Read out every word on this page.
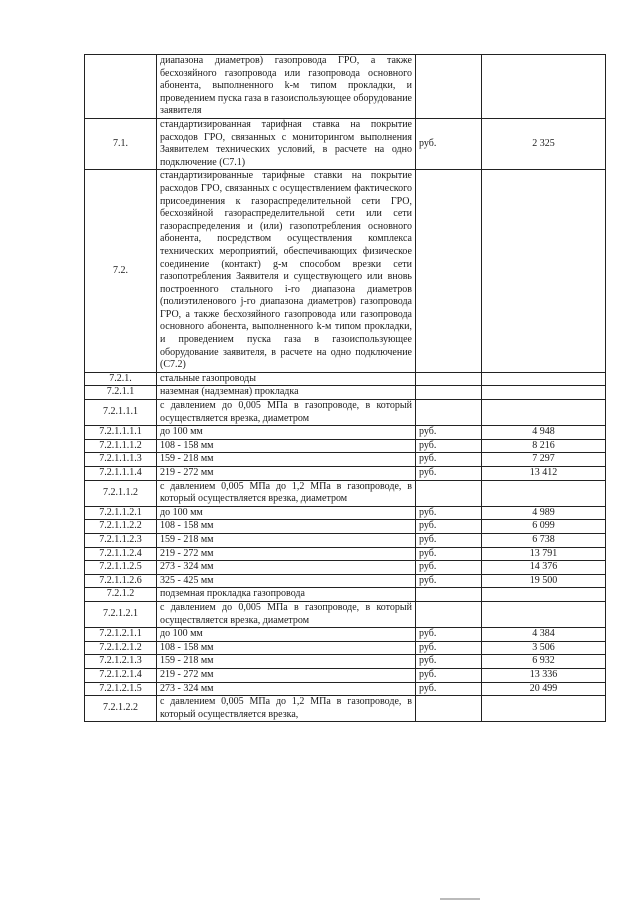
	диапазона диаметров) газопровода ГРО, а также бесхозяйного газопровода или газопровода основного абонента, выполненного k-м типом прокладки, и проведением пуска газа в газоиспользующее оборудование заявителя		
7.1.	стандартизированная тарифная ставка на покрытие расходов ГРО, связанных с мониторингом выполнения Заявителем технических условий, в расчете на одно подключение (С7.1)	руб.	2 325
7.2.	стандартизированные тарифные ставки на покрытие расходов ГРО, связанных с осуществлением фактического присоединения к газораспределительной сети ГРО, бесхозяйной газораспределительной сети или сети газораспределения и (или) газопотребления основного абонента, посредством осуществления комплекса технических мероприятий, обеспечивающих физическое соединение (контакт) g-м способом врезки сети газопотребления Заявителя и существующего или вновь построенного стального i-го диапазона диаметров (полиэтиленового j-го диапазона диаметров) газопровода ГРО, а также бесхозяйного газопровода или газопровода основного абонента, выполненного k-м типом прокладки, и проведением пуска газа в газоиспользующее оборудование заявителя, в расчете на одно подключение (С7.2)		
7.2.1.	стальные газопроводы		
7.2.1.1	наземная (надземная) прокладка		
7.2.1.1.1	с давлением до 0,005 МПа в газопроводе, в который осуществляется врезка, диаметром		
7.2.1.1.1.1	до 100 мм	руб.	4 948
7.2.1.1.1.2	108 - 158 мм	руб.	8 216
7.2.1.1.1.3	159 - 218 мм	руб.	7 297
7.2.1.1.1.4	219 - 272 мм	руб.	13 412
7.2.1.1.2	с давлением 0,005 МПа до 1,2 МПа в газопроводе, в который осуществляется врезка, диаметром		
7.2.1.1.2.1	до 100 мм	руб.	4 989
7.2.1.1.2.2	108 - 158 мм	руб.	6 099
7.2.1.1.2.3	159 - 218 мм	руб.	6 738
7.2.1.1.2.4	219 - 272 мм	руб.	13 791
7.2.1.1.2.5	273 - 324 мм	руб.	14 376
7.2.1.1.2.6	325 - 425 мм	руб.	19 500
7.2.1.2	подземная прокладка газопровода		
7.2.1.2.1	с давлением до 0,005 МПа в газопроводе, в который осуществляется врезка, диаметром		
7.2.1.2.1.1	до 100 мм	руб.	4 384
7.2.1.2.1.2	108 - 158 мм	руб.	3 506
7.2.1.2.1.3	159 - 218 мм	руб.	6 932
7.2.1.2.1.4	219 - 272 мм	руб.	13 336
7.2.1.2.1.5	273 - 324 мм	руб.	20 499
7.2.1.2.2	с давлением 0,005 МПа до 1,2 МПа в газопроводе, в который осуществляется врезка,		
